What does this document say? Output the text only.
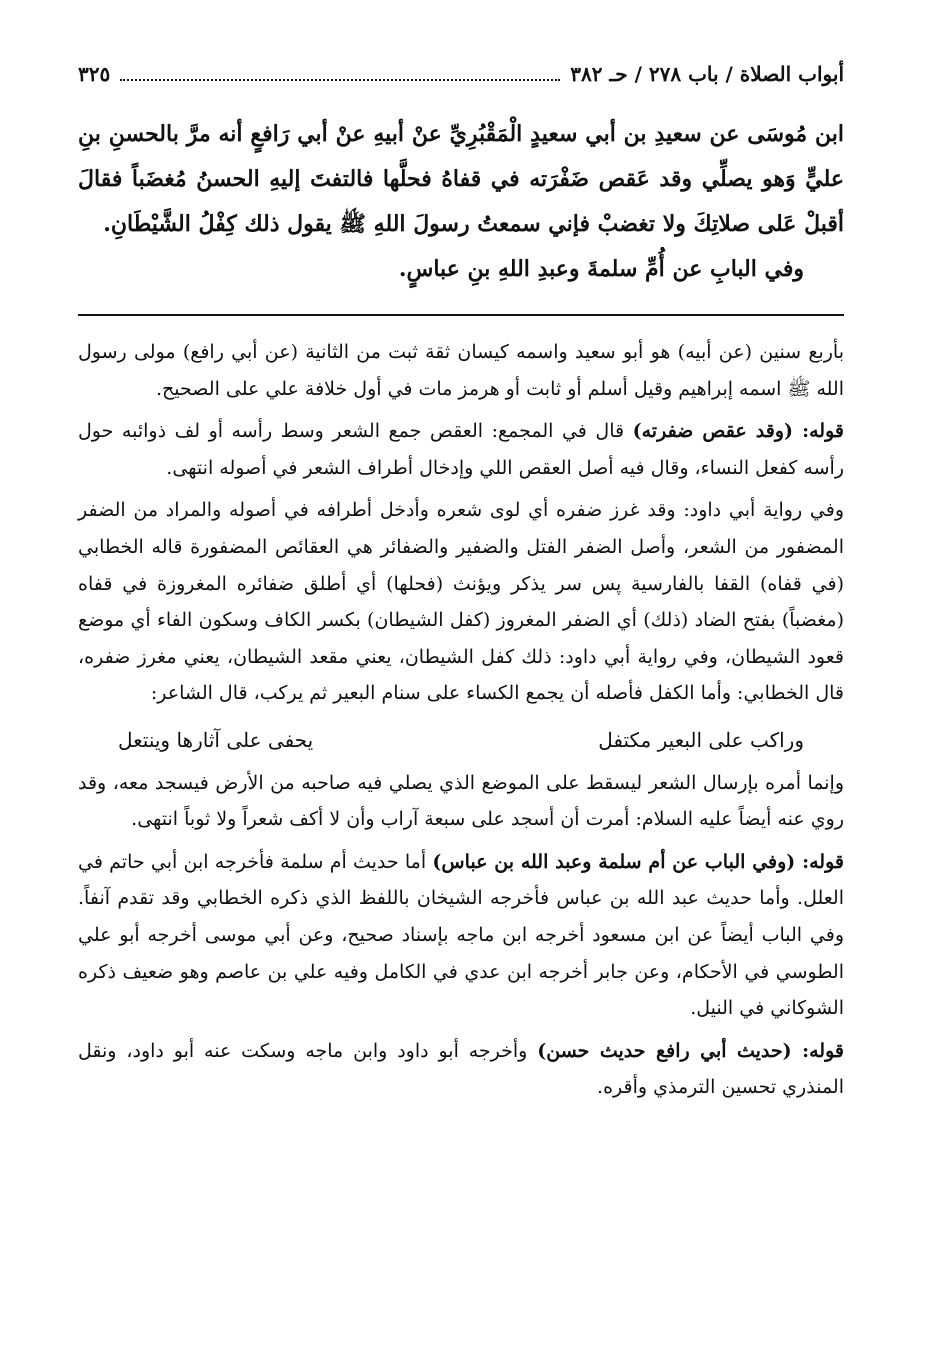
أبواب الصلاة / باب ٢٧٨ / حـ ٣٨٢
٣٢٥

ابن مُوسَى عن سعيدِ بن أبي سعيدٍ الْمَقْبُرِيِّ عنْ أبيهِ عنْ أبي رَافعٍ أنه مرَّ بالحسنِ بنِ عليٍّ وَهو يصلِّي وقد عَقص ضَفْرَته في قفاهُ فحلَّها فالتفتَ إليهِ الحسنُ مُغضَباً فقالَ أقبلْ عَلى صلاتِكَ ولا تغضبْ فإني سمعتُ رسولَ اللهِ ﷺ يقول ذلك كِفْلُ الشَّيْطَانِ.

وفي البابِ عن أُمِّ سلمةَ وعبدِ اللهِ بنِ عباسٍ.

بأربع سنين (عن أبيه) هو أبو سعيد واسمه كيسان ثقة ثبت من الثانية (عن أبي رافع) مولى رسول الله ﷺ اسمه إبراهيم وقيل أسلم أو ثابت أو هرمز مات في أول خلافة علي على الصحيح.

قوله: (وقد عقص ضفرته) قال في المجمع: العقص جمع الشعر وسط رأسه أو لف ذوائبه حول رأسه كفعل النساء، وقال فيه أصل العقص اللي وإدخال أطراف الشعر في أصوله انتهى.

وفي رواية أبي داود: وقد غرز ضفره أي لوى شعره وأدخل أطرافه في أصوله والمراد من الضفر المضفور من الشعر، وأصل الضفر الفتل والضفير والضفائر هي العقائص المضفورة قاله الخطابي (في قفاه) القفا بالفارسية پس سر يذكر ويؤنث (فحلها) أي أطلق ضفائره المغروزة في قفاه (مغضباً) بفتح الضاد (ذلك) أي الضفر المغروز (كفل الشيطان) بكسر الكاف وسكون الفاء أي موضع قعود الشيطان، وفي رواية أبي داود: ذلك كفل الشيطان، يعني مقعد الشيطان، يعني مغرز ضفره، قال الخطابي: وأما الكفل فأصله أن يجمع الكساء على سنام البعير ثم يركب، قال الشاعر:

وراكب على البعير مكتفل
يحفى على آثارها وينتعل

وإنما أمره بإرسال الشعر ليسقط على الموضع الذي يصلي فيه صاحبه من الأرض فيسجد معه، وقد روي عنه أيضاً عليه السلام: أمرت أن أسجد على سبعة آراب وأن لا أكف شعراً ولا ثوباً انتهى.

قوله: (وفي الباب عن أم سلمة وعبد الله بن عباس) أما حديث أم سلمة فأخرجه ابن أبي حاتم في العلل. وأما حديث عبد الله بن عباس فأخرجه الشيخان باللفظ الذي ذكره الخطابي وقد تقدم آنفاً. وفي الباب أيضاً عن ابن مسعود أخرجه ابن ماجه بإسناد صحيح، وعن أبي موسى أخرجه أبو علي الطوسي في الأحكام، وعن جابر أخرجه ابن عدي في الكامل وفيه علي بن عاصم وهو ضعيف ذكره الشوكاني في النيل.

قوله: (حديث أبي رافع حديث حسن) وأخرجه أبو داود وابن ماجه وسكت عنه أبو داود، ونقل المنذري تحسين الترمذي وأقره.
